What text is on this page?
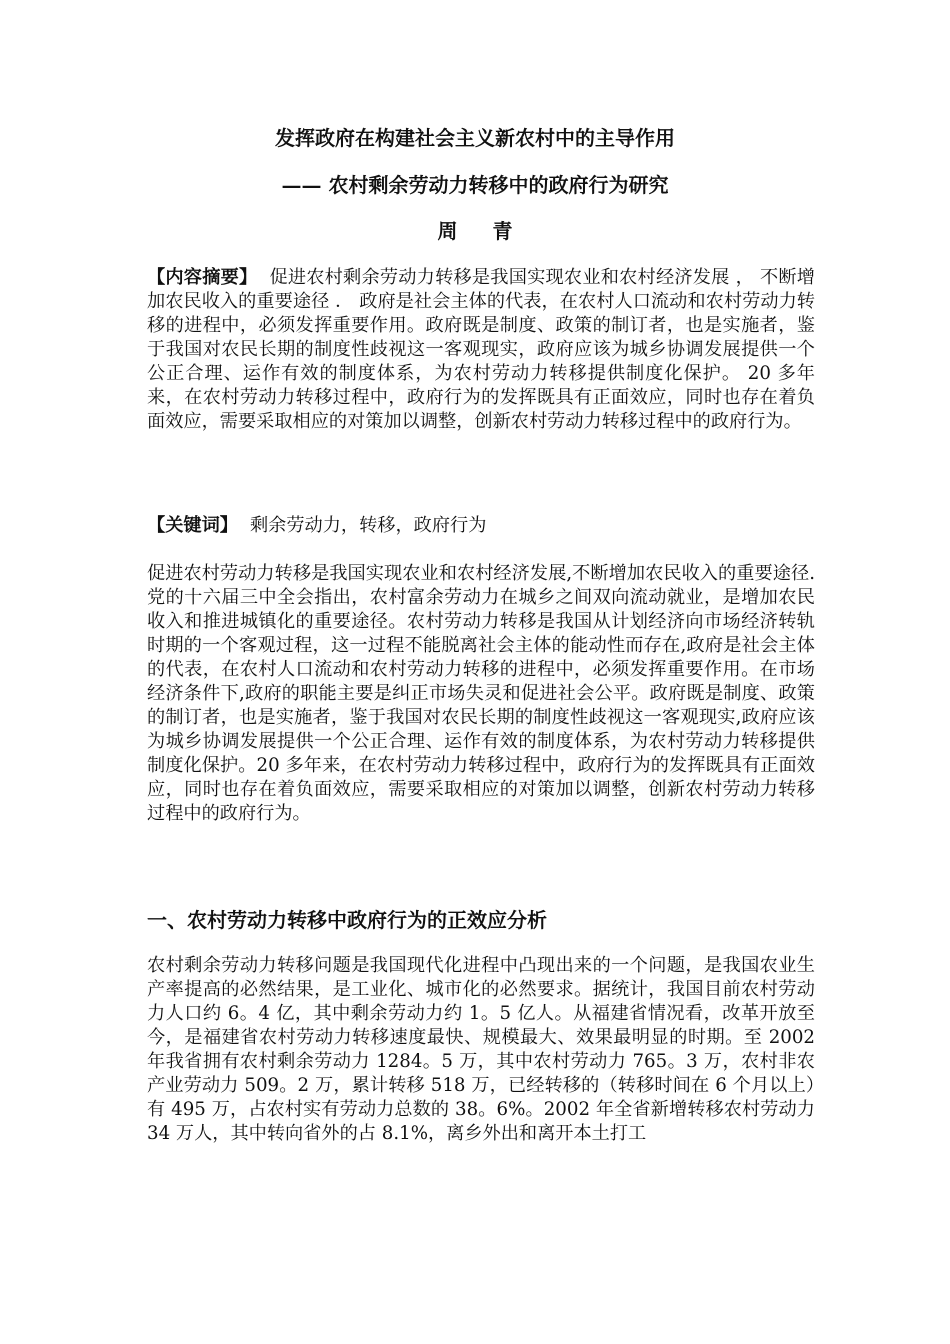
发挥政府在构建社会主义新农村中的主导作用
—— 农村剩余劳动力转移中的政府行为研究
周 青
【内容摘要】 促进农村剩余劳动力转移是我国实现农业和农村经济发展 ， 不断增加农民收入的重要途径 ． 政府是社会主体的代表，在农村人口流动和农村劳动力转移的进程中，必须发挥重要作用。政府既是制度、政策的制订者，也是实施者，鉴于我国对农民长期的制度性歧视这一客观现实，政府应该为城乡协调发展提供一个公正合理、运作有效的制度体系，为农村劳动力转移提供制度化保护。 20 多年来，在农村劳动力转移过程中，政府行为的发挥既具有正面效应，同时也存在着负面效应，需要采取相应的对策加以调整，创新农村劳动力转移过程中的政府行为。
【关键词】 剩余劳动力，转移，政府行为
促进农村劳动力转移是我国实现农业和农村经济发展,不断增加农民收入的重要途径.党的十六届三中全会指出，农村富余劳动力在城乡之间双向流动就业，是增加农民收入和推进城镇化的重要途径。农村劳动力转移是我国从计划经济向市场经济转轨时期的一个客观过程，这一过程不能脱离社会主体的能动性而存在,政府是社会主体的代表，在农村人口流动和农村劳动力转移的进程中，必须发挥重要作用。在市场经济条件下,政府的职能主要是纠正市场失灵和促进社会公平。政府既是制度、政策的制订者，也是实施者，鉴于我国对农民长期的制度性歧视这一客观现实,政府应该为城乡协调发展提供一个公正合理、运作有效的制度体系，为农村劳动力转移提供制度化保护。20 多年来，在农村劳动力转移过程中，政府行为的发挥既具有正面效应，同时也存在着负面效应，需要采取相应的对策加以调整，创新农村劳动力转移过程中的政府行为。
一、农村劳动力转移中政府行为的正效应分析
农村剩余劳动力转移问题是我国现代化进程中凸现出来的一个问题，是我国农业生产率提高的必然结果，是工业化、城市化的必然要求。据统计，我国目前农村劳动力人口约 6。4 亿，其中剩余劳动力约 1。5 亿人。从福建省情况看，改革开放至今，是福建省农村劳动力转移速度最快、规模最大、效果最明显的时期。至 2002 年我省拥有农村剩余劳动力 1284。5 万，其中农村劳动力 765。3 万，农村非农产业劳动力 509。2 万，累计转移 518 万，已经转移的（转移时间在 6 个月以上）有 495 万，占农村实有劳动力总数的 38。6%。2002 年全省新增转移农村劳动力 34 万人，其中转向省外的占 8.1%，离乡外出和离开本土打工
